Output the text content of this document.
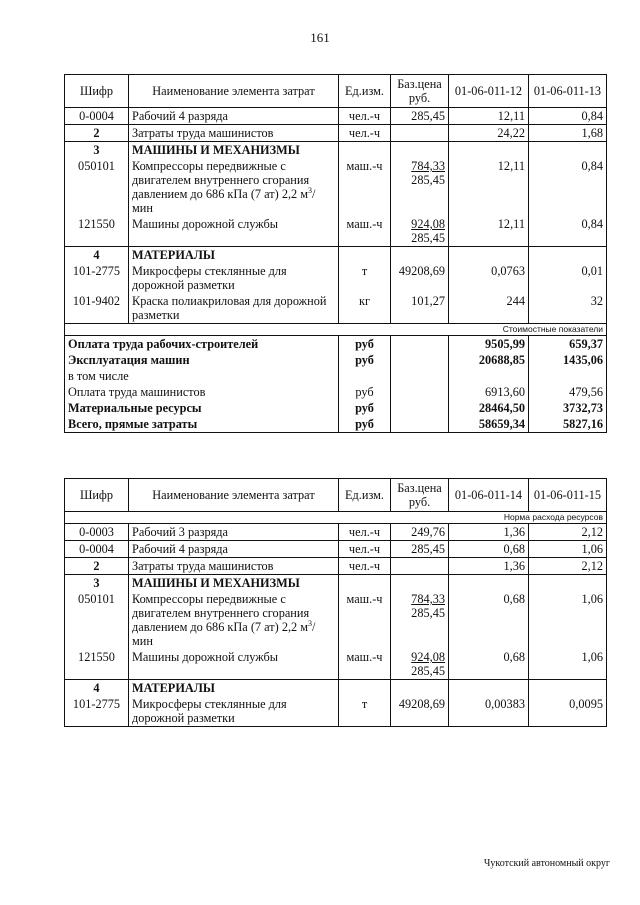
161
Шифр	Наименование элемента затрат	Ед.изм.	Баз.цена
руб.	01-06-011-12	01-06-011-13
0-0004	Рабочий 4 разряда	чел.-ч	285,45	12,11	0,84
2	Затраты труда машинистов	чел.-ч		24,22	1,68
3	МАШИНЫ И МЕХАНИЗМЫ				
050101	Компрессоры передвижные с двигателем внутреннего сгорания давлением до 686 кПа (7 ат) 2,2 $м^3$/мин	маш.-ч	784,33
285,45	12,11	0,84
121550	Машины дорожной службы	маш.-ч	924,08
285,45	12,11	0,84
4	МАТЕРИАЛЫ				
101-2775	Микросферы стеклянные для дорожной разметки	т	49208,69	0,0763	0,01
101-9402	Краска полиакриловая для дорожной разметки	кг	101,27	244	32
Стоимостные показатели					
Оплата труда рабочих-строителей		руб		9505,99	659,37
Эксплуатация машин		руб		20688,85	1435,06
в том числе					
Оплата труда машинистов		руб		6913,60	479,56
Материальные ресурсы		руб		28464,50	3732,73
Всего, прямые затраты		руб		58659,34	5827,16
Шифр	Наименование элемента затрат	Ед.изм.	Баз.цена
руб.	01-06-011-14	01-06-011-15
Норма расхода ресурсов					
0-0003	Рабочий 3 разряда	чел.-ч	249,76	1,36	2,12
0-0004	Рабочий 4 разряда	чел.-ч	285,45	0,68	1,06
2	Затраты труда машинистов	чел.-ч		1,36	2,12
3	МАШИНЫ И МЕХАНИЗМЫ				
050101	Компрессоры передвижные с двигателем внутреннего сгорания давлением до 686 кПа (7 ат) 2,2 $м^3$/мин	маш.-ч	784,33
285,45	0,68	1,06
121550	Машины дорожной службы	маш.-ч	924,08
285,45	0,68	1,06
4	МАТЕРИАЛЫ				
101-2775	Микросферы стеклянные для дорожной разметки	т	49208,69	0,00383	0,0095
Чукотский автономный округ
